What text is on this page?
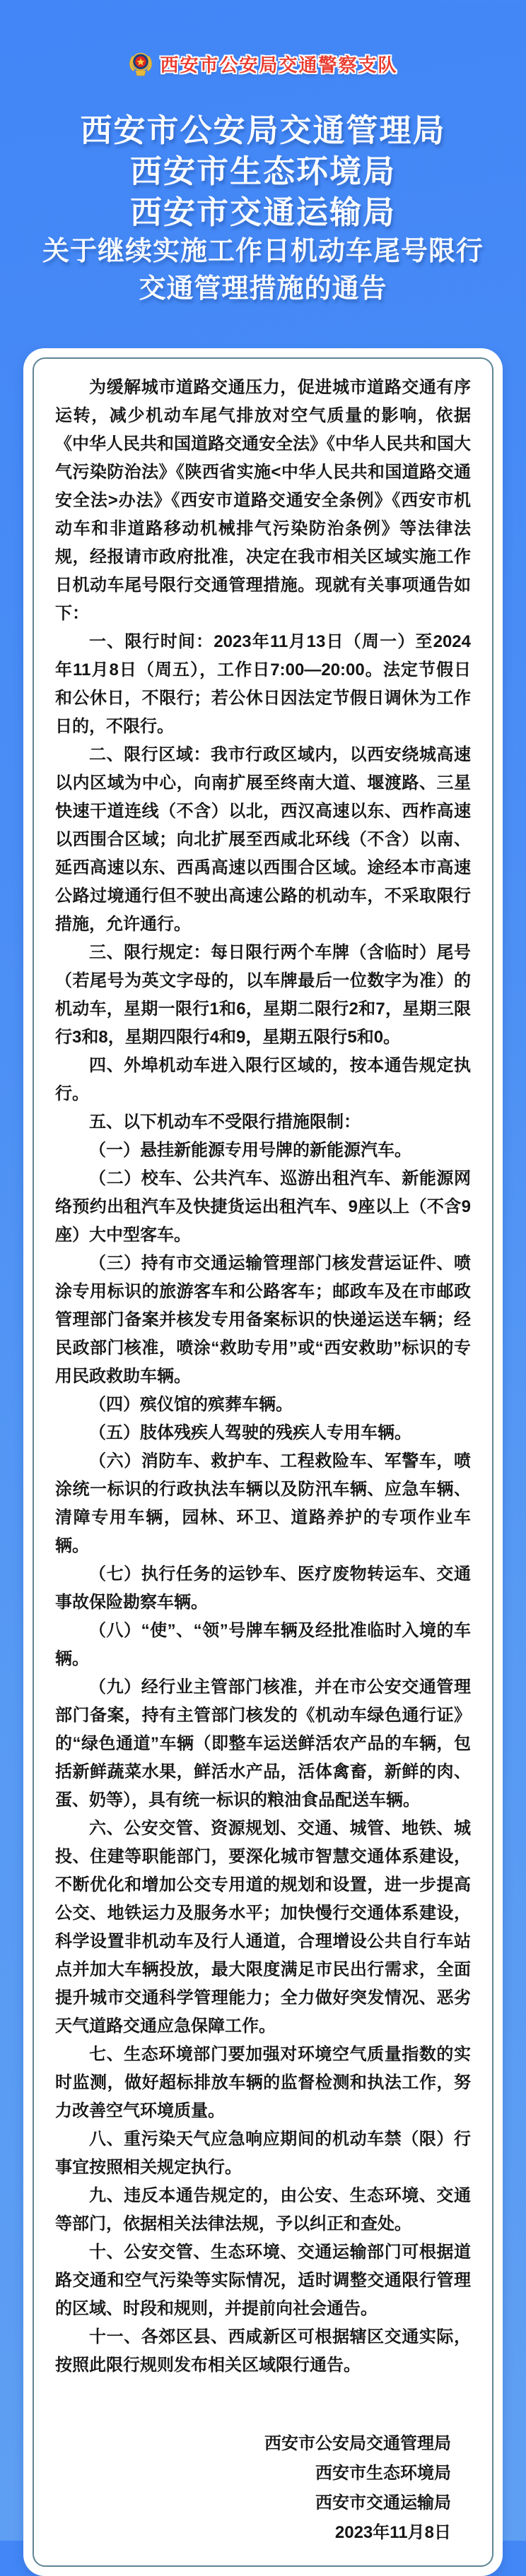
西安市公安局交通警察支队
西安市公安局交通管理局
西安市生态环境局
西安市交通运输局
关于继续实施工作日机动车尾号限行
交通管理措施的通告

为缓解城市道路交通压力，促进城市道路交通有序运转，减少机动车尾气排放对空气质量的影响，依据《中华人民共和国道路交通安全法》《中华人民共和国大气污染防治法》《陕西省实施<中华人民共和国道路交通安全法>办法》《西安市道路交通安全条例》《西安市机动车和非道路移动机械排气污染防治条例》等法律法规，经报请市政府批准，决定在我市相关区域实施工作日机动车尾号限行交通管理措施。现就有关事项通告如下：

一、限行时间：2023年11月13日（周一）至2024年11月8日（周五），工作日7:00—20:00。法定节假日和公休日，不限行；若公休日因法定节假日调休为工作日的，不限行。

二、限行区域：我市行政区域内，以西安绕城高速以内区域为中心，向南扩展至终南大道、堰渡路、三星快速干道连线（不含）以北，西汉高速以东、西柞高速以西围合区域；向北扩展至西咸北环线（不含）以南、延西高速以东、西禹高速以西围合区域。途经本市高速公路过境通行但不驶出高速公路的机动车，不采取限行措施，允许通行。

三、限行规定：每日限行两个车牌（含临时）尾号（若尾号为英文字母的，以车牌最后一位数字为准）的机动车，星期一限行1和6，星期二限行2和7，星期三限行3和8，星期四限行4和9，星期五限行5和0。

四、外埠机动车进入限行区域的，按本通告规定执行。

五、以下机动车不受限行措施限制：

（一）悬挂新能源专用号牌的新能源汽车。

（二）校车、公共汽车、巡游出租汽车、新能源网络预约出租汽车及快捷货运出租汽车、9座以上（不含9座）大中型客车。

（三）持有市交通运输管理部门核发营运证件、喷涂专用标识的旅游客车和公路客车；邮政车及在市邮政管理部门备案并核发专用备案标识的快递运送车辆；经民政部门核准，喷涂“救助专用”或“西安救助”标识的专用民政救助车辆。

（四）殡仪馆的殡葬车辆。

（五）肢体残疾人驾驶的残疾人专用车辆。

（六）消防车、救护车、工程救险车、军警车，喷涂统一标识的行政执法车辆以及防汛车辆、应急车辆、清障专用车辆，园林、环卫、道路养护的专项作业车辆。

（七）执行任务的运钞车、医疗废物转运车、交通事故保险勘察车辆。

（八）“使”、“领”号牌车辆及经批准临时入境的车辆。

（九）经行业主管部门核准，并在市公安交通管理部门备案，持有主管部门核发的《机动车绿色通行证》的“绿色通道”车辆（即整车运送鲜活农产品的车辆，包括新鲜蔬菜水果，鲜活水产品，活体禽畜，新鲜的肉、蛋、奶等），具有统一标识的粮油食品配送车辆。

六、公安交管、资源规划、交通、城管、地铁、城投、住建等职能部门，要深化城市智慧交通体系建设，不断优化和增加公交专用道的规划和设置，进一步提高公交、地铁运力及服务水平；加快慢行交通体系建设，科学设置非机动车及行人通道，合理增设公共自行车站点并加大车辆投放，最大限度满足市民出行需求，全面提升城市交通科学管理能力；全力做好突发情况、恶劣天气道路交通应急保障工作。

七、生态环境部门要加强对环境空气质量指数的实时监测，做好超标排放车辆的监督检测和执法工作，努力改善空气环境质量。

八、重污染天气应急响应期间的机动车禁（限）行事宜按照相关规定执行。

九、违反本通告规定的，由公安、生态环境、交通等部门，依据相关法律法规，予以纠正和查处。

十、公安交管、生态环境、交通运输部门可根据道路交通和空气污染等实际情况，适时调整交通限行管理的区域、时段和规则，并提前向社会通告。

十一、各郊区县、西咸新区可根据辖区交通实际，按照此限行规则发布相关区域限行通告。

西安市公安局交通管理局
西安市生态环境局
西安市交通运输局
2023年11月8日
